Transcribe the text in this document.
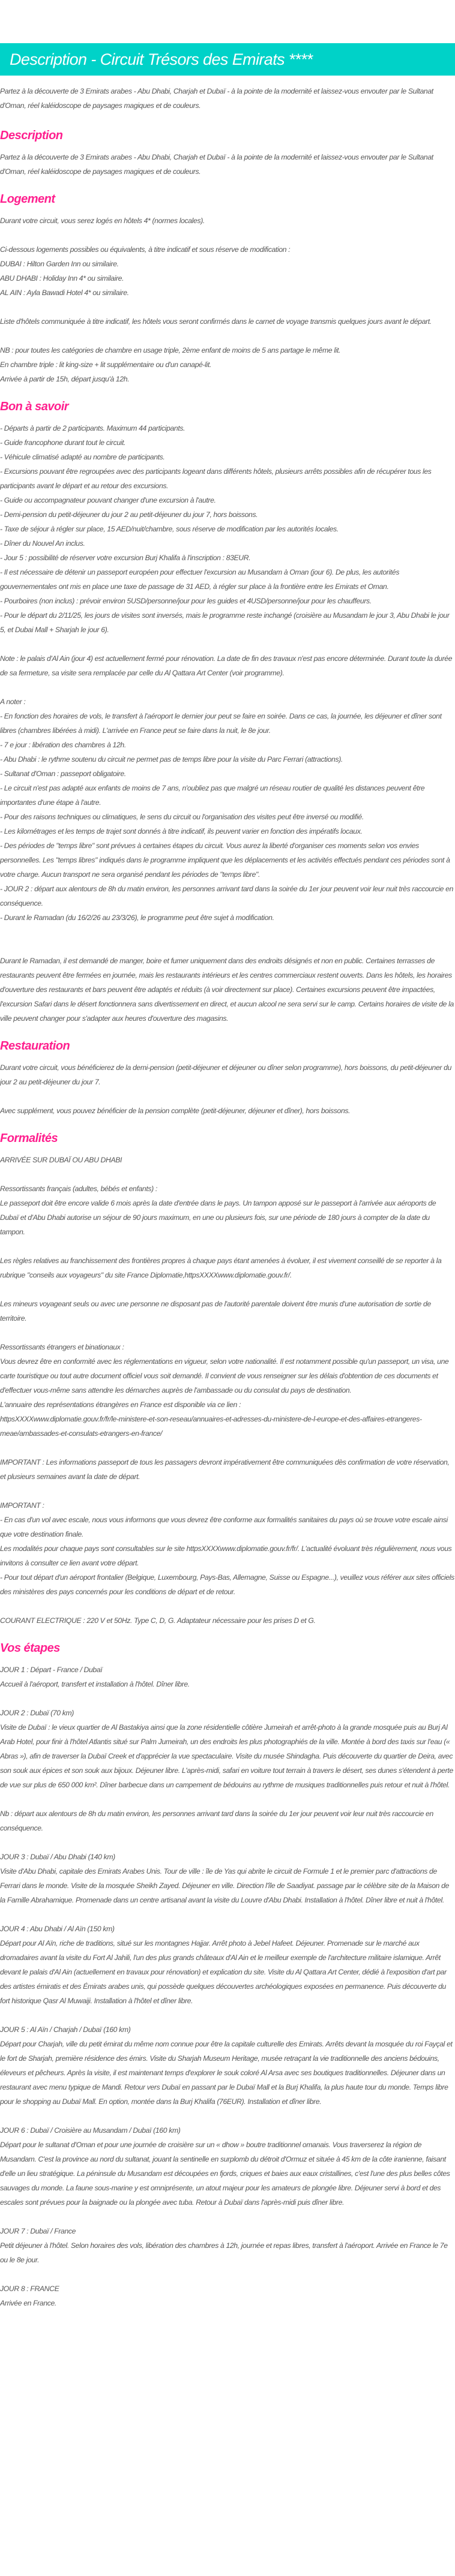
Description - Circuit Trésors des Emirats ****

Partez à la découverte de 3 Emirats arabes - Abu Dhabi, Charjah et Dubaï - à la pointe de la modernité et laissez-vous envouter par le Sultanat d'Oman, réel kaléidoscope de paysages magiques et de couleurs.

Description

Partez à la découverte de 3 Emirats arabes - Abu Dhabi, Charjah et Dubaï - à la pointe de la modernité et laissez-vous envouter par le Sultanat d'Oman, réel kaléidoscope de paysages magiques et de couleurs.

Logement

Durant votre circuit, vous serez logés en hôtels 4* (normes locales).

Ci-dessous logements possibles ou équivalents, à titre indicatif et sous réserve de modification :
DUBAI : Hilton Garden Inn ou similaire.
ABU DHABI : Holiday Inn 4* ou similaire.
AL AIN : Ayla Bawadi Hotel 4* ou similaire.

Liste d'hôtels communiquée à titre indicatif, les hôtels vous seront confirmés dans le carnet de voyage transmis quelques jours avant le départ.

NB : pour toutes les catégories de chambre en usage triple, 2ème enfant de moins de 5 ans partage le même lit.
En chambre triple : lit king-size + lit supplémentaire ou d'un canapé-lit.
Arrivée à partir de 15h, départ jusqu'à 12h.

Bon à savoir

- Départs à partir de 2 participants. Maximum 44 participants.
- Guide francophone durant tout le circuit.
- Véhicule climatisé adapté au nombre de participants.
- Excursions pouvant être regroupées avec des participants logeant dans différents hôtels, plusieurs arrêts possibles afin de récupérer tous les participants avant le départ et au retour des excursions.
- Guide ou accompagnateur pouvant changer d'une excursion à l'autre.
- Demi-pension du petit-déjeuner du jour 2 au petit-déjeuner du jour 7, hors boissons.
- Taxe de séjour à régler sur place, 15 AED/nuit/chambre, sous réserve de modification par les autorités locales.
- Dîner du Nouvel An inclus.
- Jour 5 : possibilité de réserver votre excursion Burj Khalifa à l'inscription : 83EUR.
- Il est nécessaire de détenir un passeport européen pour effectuer l'excursion au Musandam à Oman (jour 6). De plus, les autorités gouvernementales ont mis en place une taxe de passage de 31 AED, à régler sur place à la frontière entre les Emirats et Oman.
- Pourboires (non inclus) : prévoir environ 5USD/personne/jour pour les guides et 4USD/personne/jour pour les chauffeurs.
- Pour le départ du 2/11/25, les jours de visites sont inversés, mais le programme reste inchangé (croisière au Musandam le jour 3, Abu Dhabi le jour 5, et Dubai Mall + Sharjah le jour 6).

Note : le palais d'Al Ain (jour 4) est actuellement fermé pour rénovation. La date de fin des travaux n'est pas encore déterminée. Durant toute la durée de sa fermeture, sa visite sera remplacée par celle du Al Qattara Art Center (voir programme).

A noter :
- En fonction des horaires de vols, le transfert à l'aéroport le dernier jour peut se faire en soirée. Dans ce cas, la journée, les déjeuner et dîner sont libres (chambres libérées à midi). L'arrivée en France peut se faire dans la nuit, le 8e jour.
- 7 e jour : libération des chambres à 12h.
- Abu Dhabi : le rythme soutenu du circuit ne permet pas de temps libre pour la visite du Parc Ferrari (attractions).
- Sultanat d'Oman : passeport obligatoire.
- Le circuit n'est pas adapté aux enfants de moins de 7 ans, n'oubliez pas que malgré un réseau routier de qualité les distances peuvent être importantes d'une étape à l'autre.
- Pour des raisons techniques ou climatiques, le sens du circuit ou l'organisation des visites peut être inversé ou modifié.
- Les kilométrages et les temps de trajet sont donnés à titre indicatif, ils peuvent varier en fonction des impératifs locaux.
- Des périodes de "temps libre" sont prévues à certaines étapes du circuit. Vous aurez la liberté d'organiser ces moments selon vos envies personnelles. Les "temps libres" indiqués dans le programme impliquent que les déplacements et les activités effectués pendant ces périodes sont à votre charge. Aucun transport ne sera organisé pendant les périodes de "temps libre".
- JOUR 2 : départ aux alentours de 8h du matin environ, les personnes arrivant tard dans la soirée du 1er jour peuvent voir leur nuit très raccourcie en conséquence.
- Durant le Ramadan (du 16/2/26 au 23/3/26), le programme peut être sujet à modification.

Durant le Ramadan, il est demandé de manger, boire et fumer uniquement dans des endroits désignés et non en public. Certaines terrasses de restaurants peuvent être fermées en journée, mais les restaurants intérieurs et les centres commerciaux restent ouverts. Dans les hôtels, les horaires d'ouverture des restaurants et bars peuvent être adaptés et réduits (à voir directement sur place). Certaines excursions peuvent être impactées, l'excursion Safari dans le désert fonctionnera sans divertissement en direct, et aucun alcool ne sera servi sur le camp. Certains horaires de visite de la ville peuvent changer pour s'adapter aux heures d'ouverture des magasins.

Restauration

Durant votre circuit, vous bénéficierez de la demi-pension (petit-déjeuner et déjeuner ou dîner selon programme), hors boissons, du petit-déjeuner du jour 2 au petit-déjeuner du jour 7.

Avec supplément, vous pouvez bénéficier de la pension complète (petit-déjeuner, déjeuner et dîner), hors boissons.

Formalités

ARRIVÉE SUR DUBAÏ OU ABU DHABI

Ressortissants français (adultes, bébés et enfants) :
Le passeport doit être encore valide 6 mois après la date d'entrée dans le pays. Un tampon apposé sur le passeport à l'arrivée aux aéroports de Dubaï et d'Abu Dhabi autorise un séjour de 90 jours maximum, en une ou plusieurs fois, sur une période de 180 jours à compter de la date du tampon.

Les règles relatives au franchissement des frontières propres à chaque pays étant amenées à évoluer, il est vivement conseillé de se reporter à la rubrique "conseils aux voyageurs" du site France Diplomatie,httpsXXXXwww.diplomatie.gouv.fr/.

Les mineurs voyageant seuls ou avec une personne ne disposant pas de l'autorité parentale doivent être munis d'une autorisation de sortie de territoire.

Ressortissants étrangers et binationaux :
Vous devrez être en conformité avec les réglementations en vigueur, selon votre nationalité. Il est notamment possible qu'un passeport, un visa, une carte touristique ou tout autre document officiel vous soit demandé. Il convient de vous renseigner sur les délais d'obtention de ces documents et d'effectuer vous-même sans attendre les démarches auprès de l'ambassade ou du consulat du pays de destination.
L'annuaire des représentations étrangères en France est disponible via ce lien :
httpsXXXXwww.diplomatie.gouv.fr/fr/le-ministere-et-son-reseau/annuaires-et-adresses-du-ministere-de-l-europe-et-des-affaires-etrangeres-meae/ambassades-et-consulats-etrangers-en-france/

IMPORTANT : Les informations passeport de tous les passagers devront impérativement être communiquées dès confirmation de votre réservation, et plusieurs semaines avant la date de départ.

IMPORTANT :
- En cas d'un vol avec escale, nous vous informons que vous devrez être conforme aux formalités sanitaires du pays où se trouve votre escale ainsi que votre destination finale.
Les modalités pour chaque pays sont consultables sur le site httpsXXXXwww.diplomatie.gouv.fr/fr/. L'actualité évoluant très régulièrement, nous vous invitons à consulter ce lien avant votre départ.
- Pour tout départ d'un aéroport frontalier (Belgique, Luxembourg, Pays-Bas, Allemagne, Suisse ou Espagne...), veuillez vous référer aux sites officiels des ministères des pays concernés pour les conditions de départ et de retour.

COURANT ELECTRIQUE : 220 V et 50Hz. Type C, D, G. Adaptateur nécessaire pour les prises D et G.

Vos étapes
JOUR 1 : Départ - France / Dubaï
Accueil à l'aéroport, transfert et installation à l'hôtel. Dîner libre.
JOUR 2 : Dubaï (70 km)
Visite de Dubaï : le vieux quartier de Al Bastakiya ainsi que la zone résidentielle côtière Jumeirah et arrêt-photo à la grande mosquée puis au Burj Al Arab Hotel, pour finir à l'hôtel Atlantis situé sur Palm Jumeirah, un des endroits les plus photographiés de la ville. Montée à bord des taxis sur l'eau (« Abras »), afin de traverser la Dubaï Creek et d'apprécier la vue spectaculaire. Visite du musée Shindagha. Puis découverte du quartier de Deira, avec son souk aux épices et son souk aux bijoux. Déjeuner libre. L'après-midi, safari en voiture tout terrain à travers le désert, ses dunes s'étendent à perte de vue sur plus de 650 000 km². Dîner barbecue dans un campement de bédouins au rythme de musiques traditionnelles puis retour et nuit à l'hôtel.
Nb : départ aux alentours de 8h du matin environ, les personnes arrivant tard dans la soirée du 1er jour peuvent voir leur nuit très raccourcie en conséquence.
JOUR 3 : Dubaï / Abu Dhabi (140 km)
Visite d'Abu Dhabi, capitale des Emirats Arabes Unis. Tour de ville : île de Yas qui abrite le circuit de Formule 1 et le premier parc d'attractions de Ferrari dans le monde. Visite de la mosquée Sheikh Zayed. Déjeuner en ville. Direction l'île de Saadiyat. passage par le célèbre site de la Maison de la Famille Abrahamique. Promenade dans un centre artisanal avant la visite du Louvre d'Abu Dhabi. Installation à l'hôtel. Dîner libre et nuit à l'hôtel.
JOUR 4 : Abu Dhabi / Al Aïn (150 km)
Départ pour Al Aïn, riche de traditions, situé sur les montagnes Hajjar. Arrêt photo à Jebel Hafeet. Déjeuner. Promenade sur le marché aux dromadaires avant la visite du Fort Al Jahili, l'un des plus grands châteaux d'Al Ain et le meilleur exemple de l'architecture militaire islamique. Arrêt devant le palais d'Al Ain (actuellement en travaux pour rénovation) et explication du site. Visite du Al Qattara Art Center, dédié à l'exposition d'art par des artistes émiratis et des Émirats arabes unis, qui possède quelques découvertes archéologiques exposées en permanence. Puis découverte du fort historique Qasr Al Muwaiji. Installation à l'hôtel et dîner libre.
JOUR 5 : Al Aïn / Charjah / Dubaï (160 km)
Départ pour Charjah, ville du petit émirat du même nom connue pour être la capitale culturelle des Emirats. Arrêts devant la mosquée du roi Fayçal et le fort de Sharjah, première résidence des émirs. Visite du Sharjah Museum Heritage, musée retraçant la vie traditionnelle des anciens bédouins, éleveurs et pêcheurs. Après la visite, il est maintenant temps d'explorer le souk coloré Al Arsa avec ses boutiques traditionnelles. Déjeuner dans un restaurant avec menu typique de Mandi. Retour vers Dubaï en passant par le Dubaï Mall et la Burj Khalifa, la plus haute tour du monde. Temps libre pour le shopping au Dubaï Mall. En option, montée dans la Burj Khalifa (76EUR). Installation et dîner libre.
JOUR 6 : Dubaï / Croisière au Musandam / Dubaï (160 km)
Départ pour le sultanat d'Oman et pour une journée de croisière sur un « dhow » boutre traditionnel omanais. Vous traverserez la région de Musandam. C'est la province au nord du sultanat, jouant la sentinelle en surplomb du détroit d'Ormuz et située à 45 km de la côte iranienne, faisant d'elle un lieu stratégique. La péninsule du Musandam est découpées en fjords, criques et baies aux eaux cristallines, c'est l'une des plus belles côtes sauvages du monde. La faune sous-marine y est omniprésente, un atout majeur pour les amateurs de plongée libre. Déjeuner servi à bord et des escales sont prévues pour la baignade ou la plongée avec tuba. Retour à Dubaï dans l'après-midi puis dîner libre.
JOUR 7 : Dubaï / France
Petit déjeuner à l'hôtel. Selon horaires des vols, libération des chambres à 12h, journée et repas libres, transfert à l'aéroport. Arrivée en France le 7e ou le 8e jour.
JOUR 8 : FRANCE
Arrivée en France.
